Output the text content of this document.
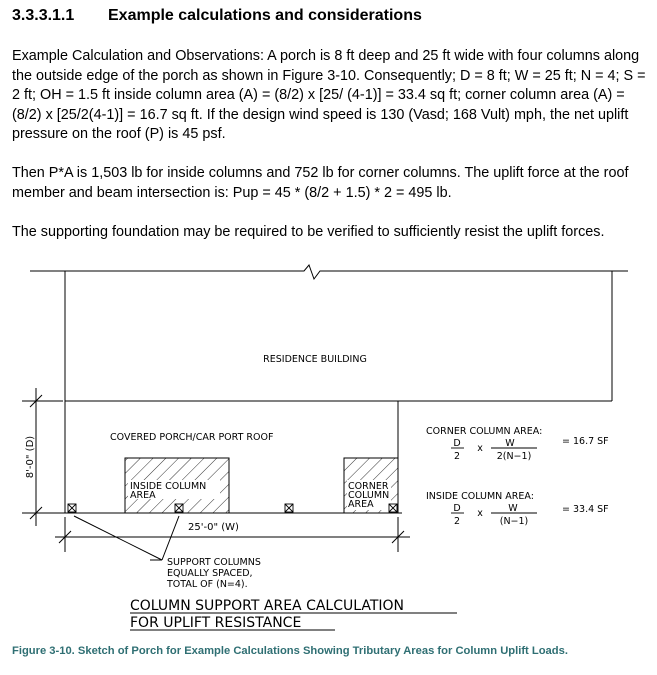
3.3.3.1.1 Example calculations and considerations

Example Calculation and Observations: A porch is 8 ft deep and 25 ft wide with four columns along the outside edge of the porch as shown in Figure 3-10. Consequently; D = 8 ft; W = 25 ft; N = 4; S = 2 ft; OH = 1.5 ft inside column area (A) = (8/2) x [25/ (4-1)] = 33.4 sq ft; corner column area (A) = (8/2) x [25/2(4-1)] = 16.7 sq ft. If the design wind speed is 130 (Vasd; 168 Vult) mph, the net uplift pressure on the roof (P) is 45 psf.

Then P*A is 1,503 lb for inside columns and 752 lb for corner columns. The uplift force at the roof member and beam intersection is: Pup = 45 * (8/2 + 1.5) * 2 = 495 lb.

The supporting foundation may be required to be verified to sufficiently resist the uplift forces.

RESIDENCE BUILDING
COVERED PORCH/CAR PORT ROOF
8'-0" (D)
INSIDE COLUMN
AREA
CORNER
COLUMN
AREA
25'-0" (W)
SUPPORT COLUMNS
EQUALLY SPACED,
TOTAL OF (N=4).
CORNER COLUMN AREA:
D
2
x W
2(N−1)
= 16.7 SF
INSIDE COLUMN AREA:
D
2
x	W
(N−1)
= 33.4 SF
COLUMN SUPPORT AREA CALCULATION
FOR UPLIFT RESISTANCE
Figure 3-10. Sketch of Porch for Example Calculations Showing Tributary Areas for Column Uplift Loads.
